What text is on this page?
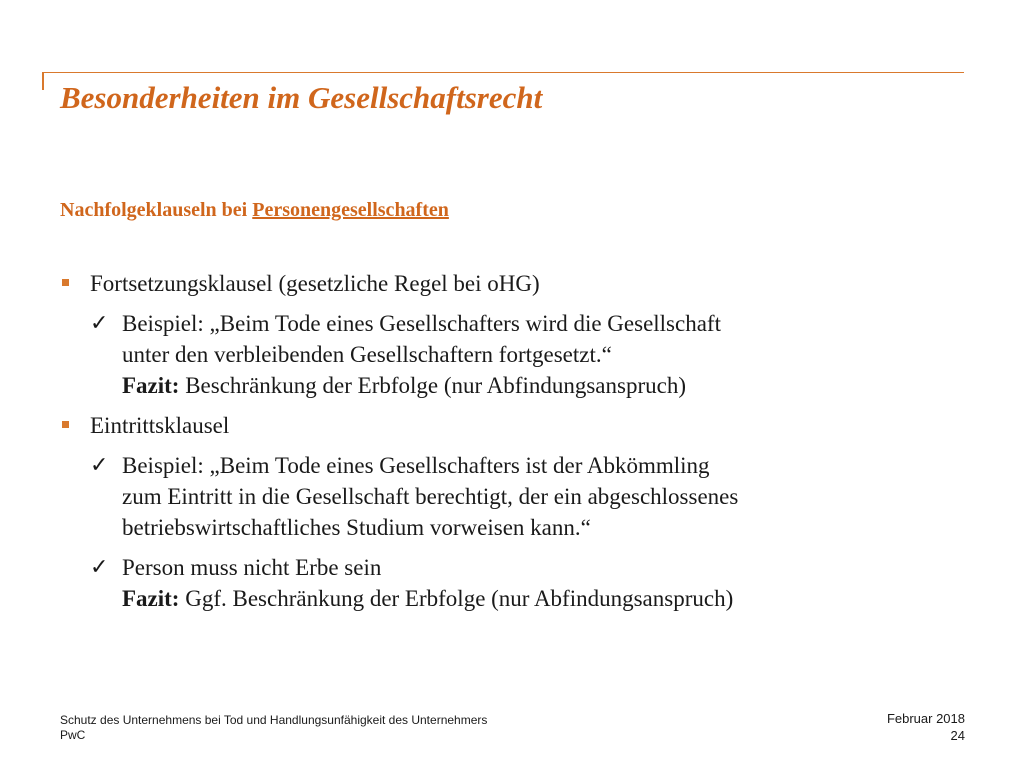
Besonderheiten im Gesellschaftsrecht
Nachfolgeklauseln bei Personengesellschaften
Fortsetzungsklausel (gesetzliche Regel bei oHG)
✓ Beispiel: „Beim Tode eines Gesellschafters wird die Gesellschaft
unter den verbleibenden Gesellschaftern fortgesetzt.“
Fazit: Beschränkung der Erbfolge (nur Abfindungsanspruch)
Eintrittsklausel
✓ Beispiel: „Beim Tode eines Gesellschafters ist der Abkömmling
zum Eintritt in die Gesellschaft berechtigt, der ein abgeschlossenes
betriebswirtschaftliches Studium vorweisen kann.“
✓ Person muss nicht Erbe sein
Fazit: Ggf. Beschränkung der Erbfolge (nur Abfindungsanspruch)
Schutz des Unternehmens bei Tod und Handlungsunfähigkeit des Unternehmers
PwC
Februar 2018
24
